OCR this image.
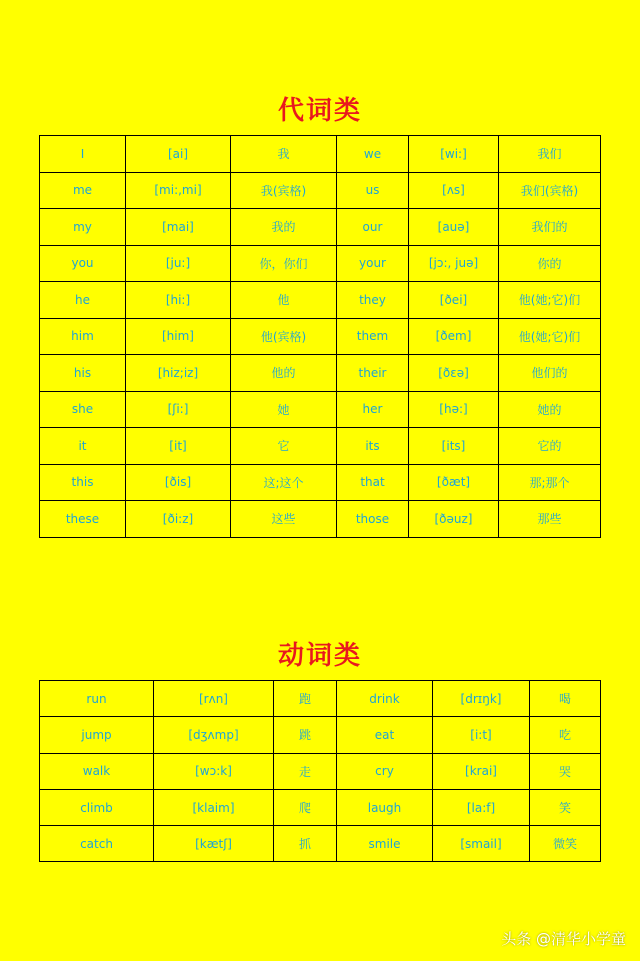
代词类
I	[ai]	我	we	[wi:]	我们
me	[mi:,mi]	我(宾格)	us	[ʌs]	我们(宾格)
my	[mai]	我的	our	[auə]	我们的
you	[ju:]	你，你们	your	[jɔ:, juə]	你的
he	[hi:]	他	they	[ðei]	他(她;它)们
him	[him]	他(宾格)	them	[ðem]	他(她;它)们
his	[hiz;iz]	他的	their	[ðɛə]	他们的
she	[ʃi:]	她	her	[hə:]	她的
it	[it]	它	its	[its]	它的
this	[ðis]	这;这个	that	[ðæt]	那;那个
these	[ði:z]	这些	those	[ðəuz]	那些
动词类
run	[rʌn]	跑	drink	[drɪŋk]	喝
jump	[dʒʌmp]	跳	eat	[i:t]	吃
walk	[wɔ:k]	走	cry	[krai]	哭
climb	[klaim]	爬	laugh	[la:f]	笑
catch	[kætʃ]	抓	smile	[smail]	微笑
头条 @清华小学童
